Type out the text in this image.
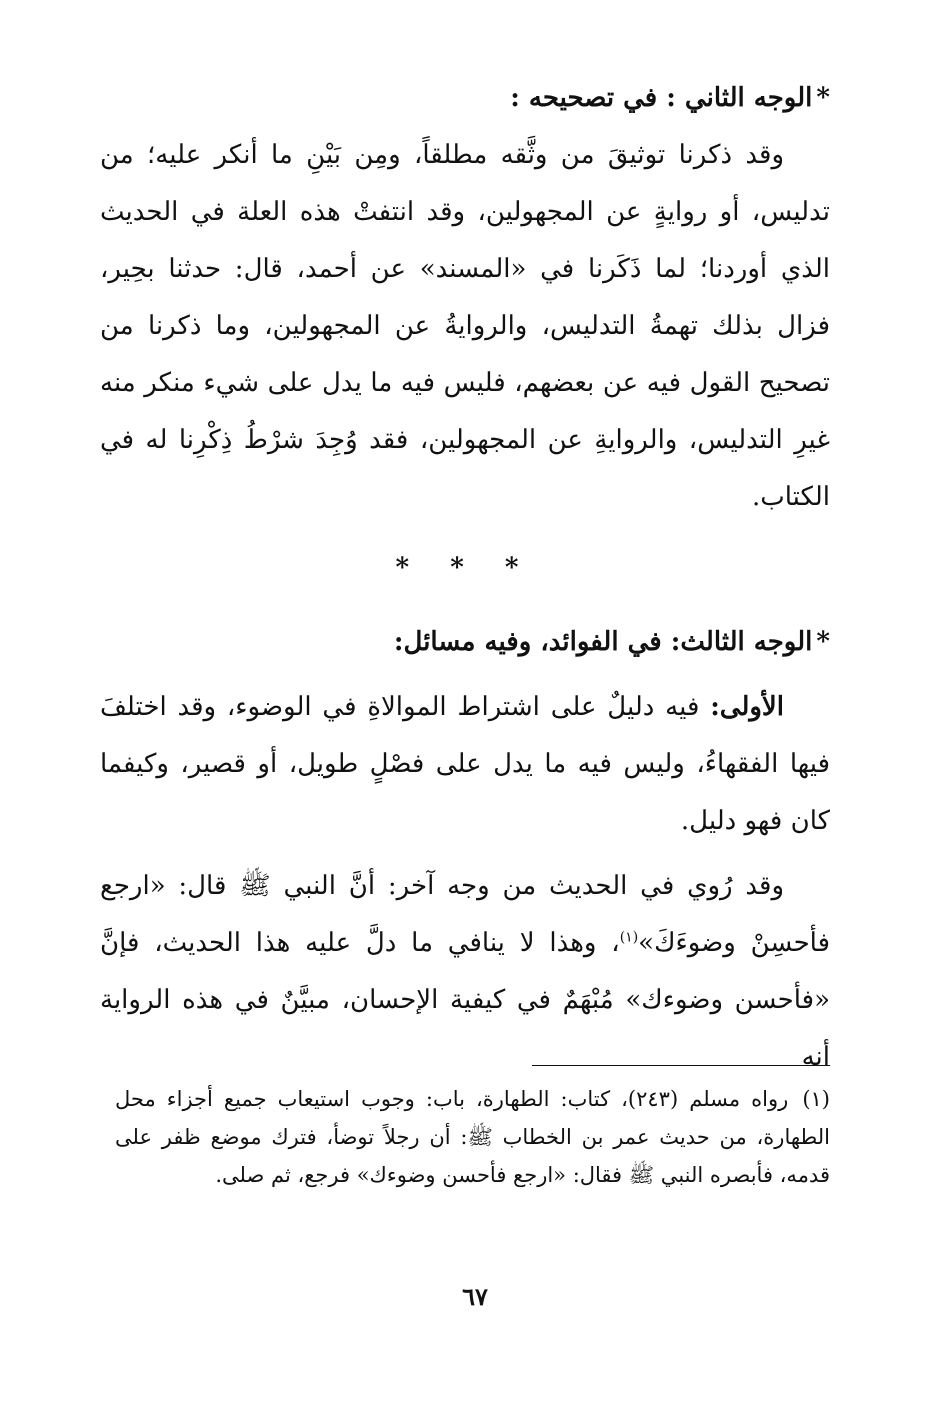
*الوجه الثاني : في تصحيحه :

وقد ذكرنا توثيقَ من وثَّقه مطلقاً، ومِن بَيْنِ ما أنكر عليه؛ من تدليس، أو روايةٍ عن المجهولين، وقد انتفتْ هذه العلة في الحديث الذي أوردنا؛ لما ذَكَرنا في «المسند» عن أحمد، قال: حدثنا بحِير، فزال بذلك تهمةُ التدليس، والروايةُ عن المجهولين، وما ذكرنا من تصحيح القول فيه عن بعضهم، فليس فيه ما يدل على شيء منكر منه غيرِ التدليس، والروايةِ عن المجهولين، فقد وُجِدَ شرْطُ ذِكْرِنا له في الكتاب.

* * *

*الوجه الثالث: في الفوائد، وفيه مسائل:

الأولى: فيه دليلٌ على اشتراط الموالاةِ في الوضوء، وقد اختلفَ فيها الفقهاءُ، وليس فيه ما يدل على فصْلٍ طويل، أو قصير، وكيفما كان فهو دليل.

وقد رُوي في الحديث من وجه آخر: أنَّ النبي ﷺ قال: «ارجع فأحسِنْ وضوءَكَ»$^{(١)}$، وهذا لا ينافي ما دلَّ عليه هذا الحديث، فإنَّ «فأحسن وضوءك» مُبْهَمٌ في كيفية الإحسان، مبيَّنٌ في هذه الرواية أنه

(١)رواه مسلم (٢٤٣)، كتاب: الطهارة، باب: وجوب استيعاب جميع أجزاء محل الطهارة، من حديث عمر بن الخطاب ﷺ: أن رجلاً توضأ، فترك موضع ظفر على قدمه، فأبصره النبي ﷺ فقال: «ارجع فأحسن وضوءك» فرجع، ثم صلى.
٦٧
